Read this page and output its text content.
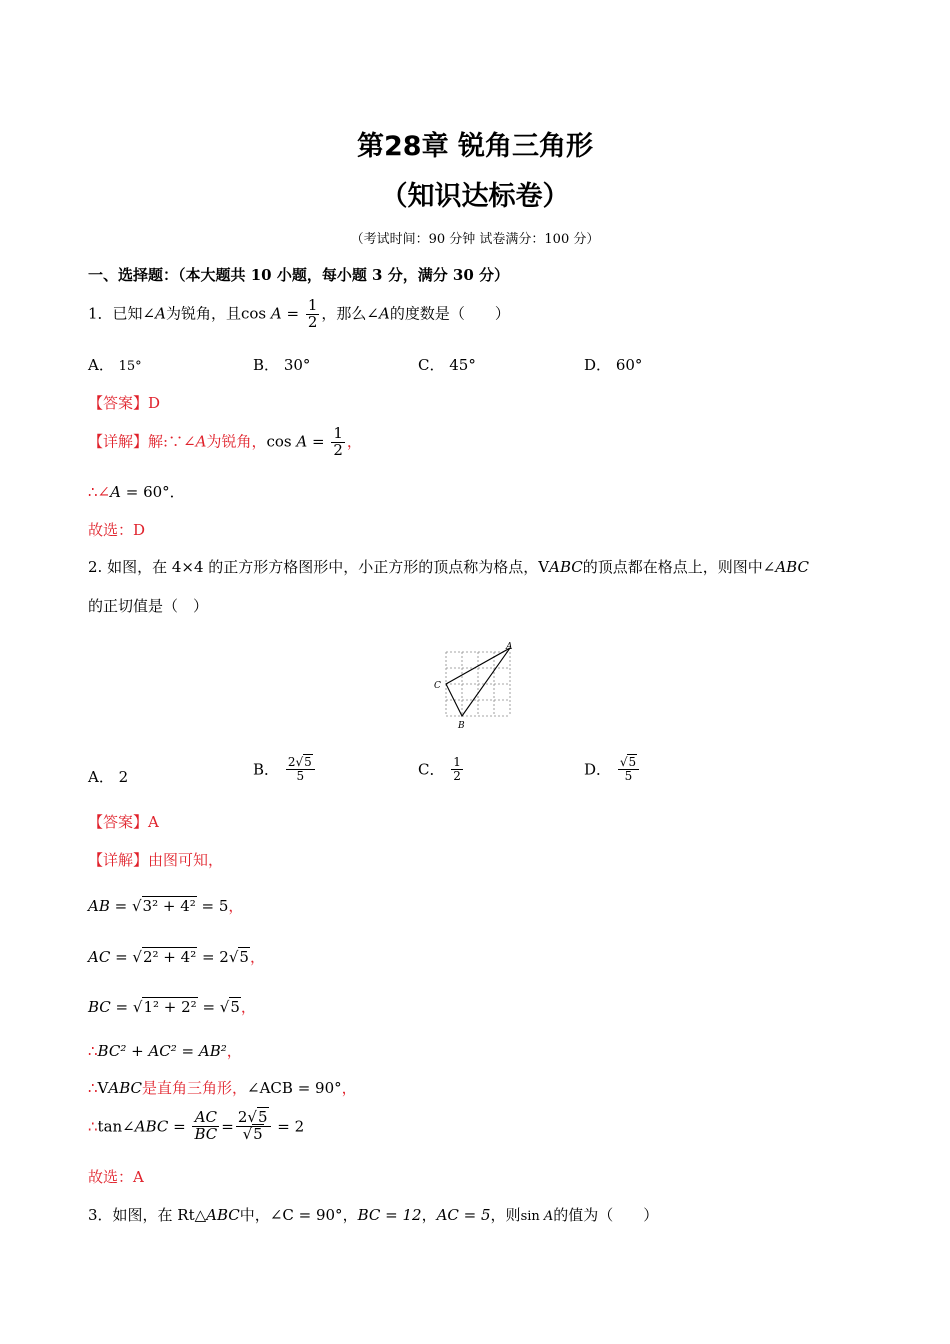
第28章 锐角三角形
（知识达标卷）
（考试时间：90 分钟 试卷满分：100 分）
一、选择题：（本大题共 10 小题，每小题 3 分，满分 30 分）
1．已知∠A为锐角，且$\cos A = \frac{1}{2}$ ，那么∠A的度数是（　　）
A． 15°	B． 30°	C． 45°	D． 60°
【答案】D
【详解】解:∵∠A为锐角，$\cos A = \frac{1}{2}$ ，
∴∠A = 60°．
故选：D
2. 如图，在 4×4 的正方形方格图形中，小正方形的顶点称为格点，VABC的顶点都在格点上，则图中∠ABC
的正切值是（　）
A
C
B
A． 2	B． $\frac{2√5}{5}$	C． $\frac{1}{2}$	D． $\frac{√5}{5}$
【答案】A
【详解】由图可知，
AB = √3² + 4² = 5，
AC = √2² + 4² = 2√5，
BC = √1² + 2² = √5，
∴BC² + AC² = AB²，
∴VABC是直角三角形，∠ACB = 90°，
∴tan∠ABC = $\frac{AC}{BC} = \frac{2√5}{√5} = 2$
故选：A
3．如图，在 Rt△ABC中，∠C = 90°，BC = 12，AC = 5，则sin A的值为（　　）
